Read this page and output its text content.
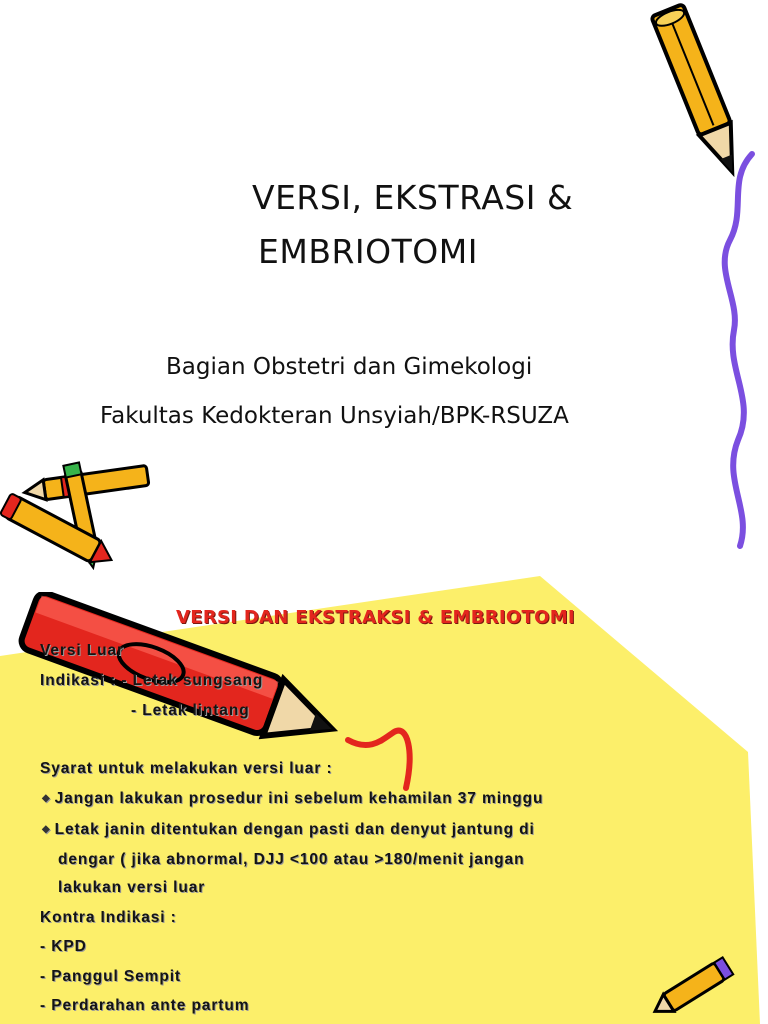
VERSI, EKSTRASI &
EMBRIOTOMI
Bagian Obstetri dan Gimekologi
Fakultas Kedokteran Unsyiah/BPK-RSUZA
VERSI DAN EKSTRAKSI & EMBRIOTOMI
Versi Luar
Indikasi : - Letak sungsang
- Letak lintang
Syarat untuk melakukan versi luar :
◆ Jangan lakukan prosedur ini sebelum kehamilan 37 minggu
◆ Letak janin ditentukan dengan pasti dan denyut jantung di
dengar ( jika abnormal, DJJ <100 atau >180/menit jangan
lakukan versi luar
Kontra Indikasi :
- KPD
- Panggul Sempit
- Perdarahan ante partum
